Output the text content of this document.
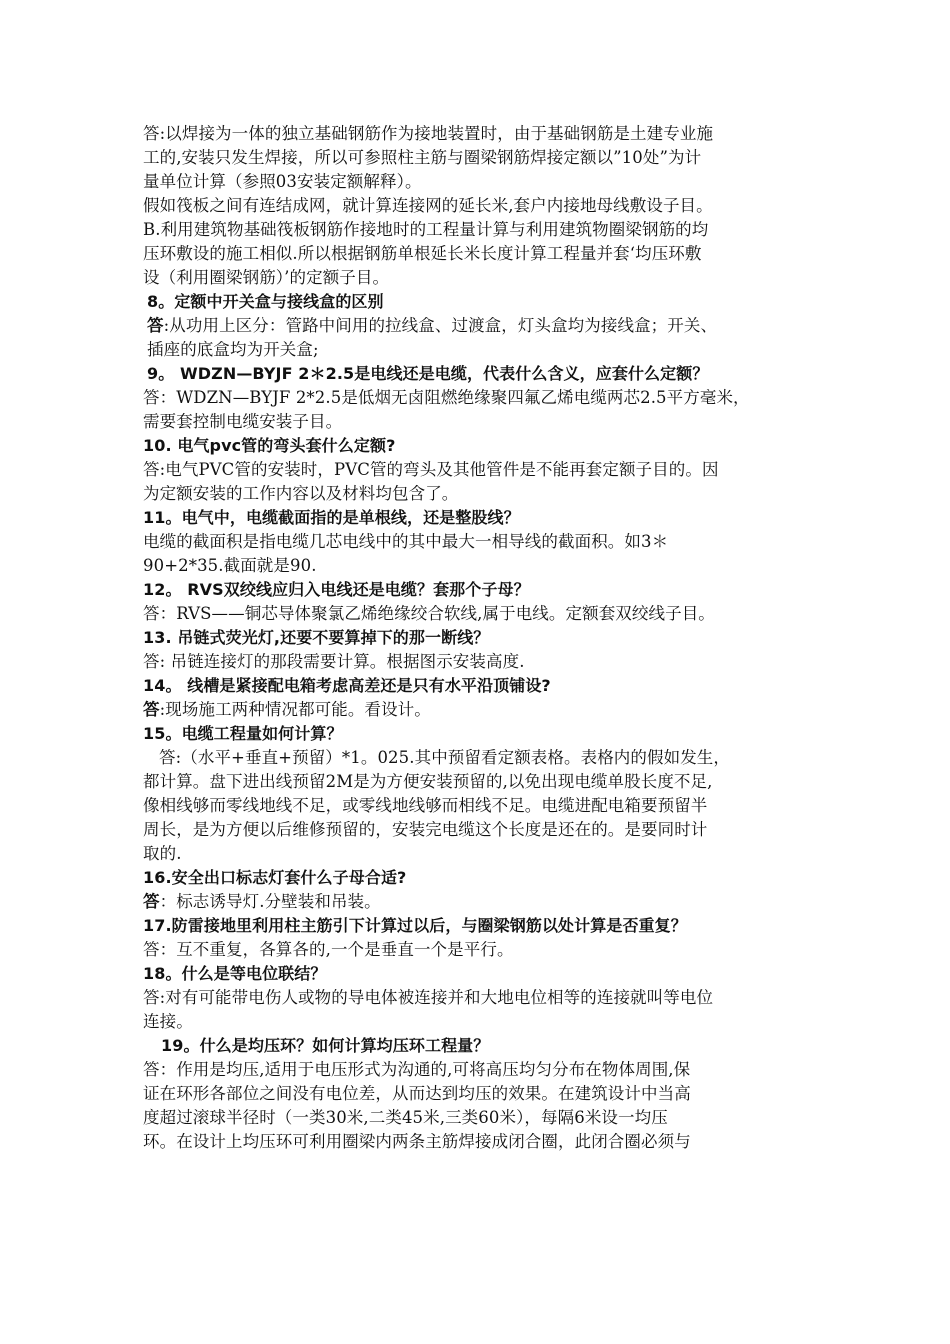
答:以焊接为一体的独立基础钢筋作为接地装置时，由于基础钢筋是土建专业施
工的,安装只发生焊接，所以可参照柱主筋与圈梁钢筋焊接定额以”10处”为计
量单位计算（参照03安装定额解释）。
假如筏板之间有连结成网，就计算连接网的延长米,套户内接地母线敷设子目。
B.利用建筑物基础筏板钢筋作接地时的工程量计算与利用建筑物圈梁钢筋的均
压环敷设的施工相似.所以根据钢筋单根延长米长度计算工程量并套‘均压环敷
设（利用圈梁钢筋）’的定额子目。
8。定额中开关盒与接线盒的区别
答:从功用上区分：管路中间用的拉线盒、过渡盒，灯头盒均为接线盒；开关、
插座的底盒均为开关盒;
9。 WDZN—BYJF 2＊2.5是电线还是电缆，代表什么含义，应套什么定额？
答：WDZN—BYJF 2*2.5是低烟无卤阻燃绝缘聚四氟乙烯电缆两芯2.5平方毫米，
需要套控制电缆安装子目。
10. 电气pvc管的弯头套什么定额?
答:电气PVC管的安装时，PVC管的弯头及其他管件是不能再套定额子目的。因
为定额安装的工作内容以及材料均包含了。
11。电气中，电缆截面指的是单根线，还是整股线？
电缆的截面积是指电缆几芯电线中的其中最大一相导线的截面积。如3＊
90+2*35.截面就是90.
12。 RVS双绞线应归入电线还是电缆？套那个子母？
答：RVS——铜芯导体聚氯乙烯绝缘绞合软线,属于电线。定额套双绞线子目。
13. 吊链式荧光灯,还要不要算掉下的那一断线？
答: 吊链连接灯的那段需要计算。根据图示安装高度.
14。 线槽是紧接配电箱考虑高差还是只有水平沿顶铺设?
答:现场施工两种情况都可能。看设计。
15。电缆工程量如何计算？
答:（水平+垂直+预留）*1。025.其中预留看定额表格。表格内的假如发生，
都计算。盘下进出线预留2M是为方便安装预留的,以免出现电缆单股长度不足,
像相线够而零线地线不足，或零线地线够而相线不足。电缆进配电箱要预留半
周长，是为方便以后维修预留的，安装完电缆这个长度是还在的。是要同时计
取的.
16.安全出口标志灯套什么子母合适?
答：标志诱导灯.分壁装和吊装。
17.防雷接地里利用柱主筋引下计算过以后，与圈梁钢筋以处计算是否重复？
答：互不重复，各算各的,一个是垂直一个是平行。
18。什么是等电位联结？
答:对有可能带电伤人或物的导电体被连接并和大地电位相等的连接就叫等电位
连接。
19。什么是均压环？如何计算均压环工程量？
答：作用是均压,适用于电压形式为沟通的,可将高压均匀分布在物体周围,保
证在环形各部位之间没有电位差，从而达到均压的效果。在建筑设计中当高
度超过滚球半径时（一类30米,二类45米,三类60米），每隔6米设一均压
环。在设计上均压环可利用圈梁内两条主筋焊接成闭合圈，此闭合圈必须与
